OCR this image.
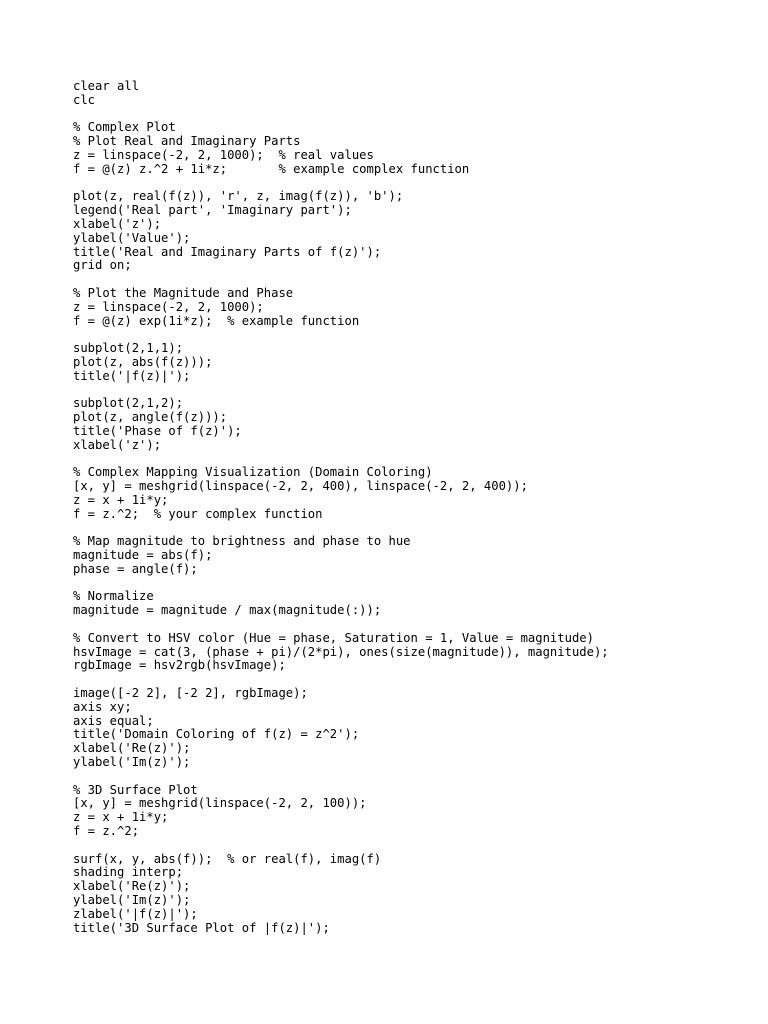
clear all
clc
% Complex Plot
% Plot Real and Imaginary Parts
z = linspace(-2, 2, 1000);  % real values
f = @(z) z.^2 + 1i*z;       % example complex function
plot(z, real(f(z)), 'r', z, imag(f(z)), 'b');
legend('Real part', 'Imaginary part');
xlabel('z');
ylabel('Value');
title('Real and Imaginary Parts of f(z)');
grid on;
% Plot the Magnitude and Phase
z = linspace(-2, 2, 1000);
f = @(z) exp(1i*z);  % example function
subplot(2,1,1);
plot(z, abs(f(z)));
title('|f(z)|');
subplot(2,1,2);
plot(z, angle(f(z)));
title('Phase of f(z)');
xlabel('z');
% Complex Mapping Visualization (Domain Coloring)
[x, y] = meshgrid(linspace(-2, 2, 400), linspace(-2, 2, 400));
z = x + 1i*y;
f = z.^2;  % your complex function
% Map magnitude to brightness and phase to hue
magnitude = abs(f);
phase = angle(f);
% Normalize
magnitude = magnitude / max(magnitude(:));
% Convert to HSV color (Hue = phase, Saturation = 1, Value = magnitude)
hsvImage = cat(3, (phase + pi)/(2*pi), ones(size(magnitude)), magnitude);
rgbImage = hsv2rgb(hsvImage);
image([-2 2], [-2 2], rgbImage);
axis xy;
axis equal;
title('Domain Coloring of f(z) = z^2');
xlabel('Re(z)');
ylabel('Im(z)');
% 3D Surface Plot
[x, y] = meshgrid(linspace(-2, 2, 100));
z = x + 1i*y;
f = z.^2;
surf(x, y, abs(f));  % or real(f), imag(f)
shading interp;
xlabel('Re(z)');
ylabel('Im(z)');
zlabel('|f(z)|');
title('3D Surface Plot of |f(z)|');
